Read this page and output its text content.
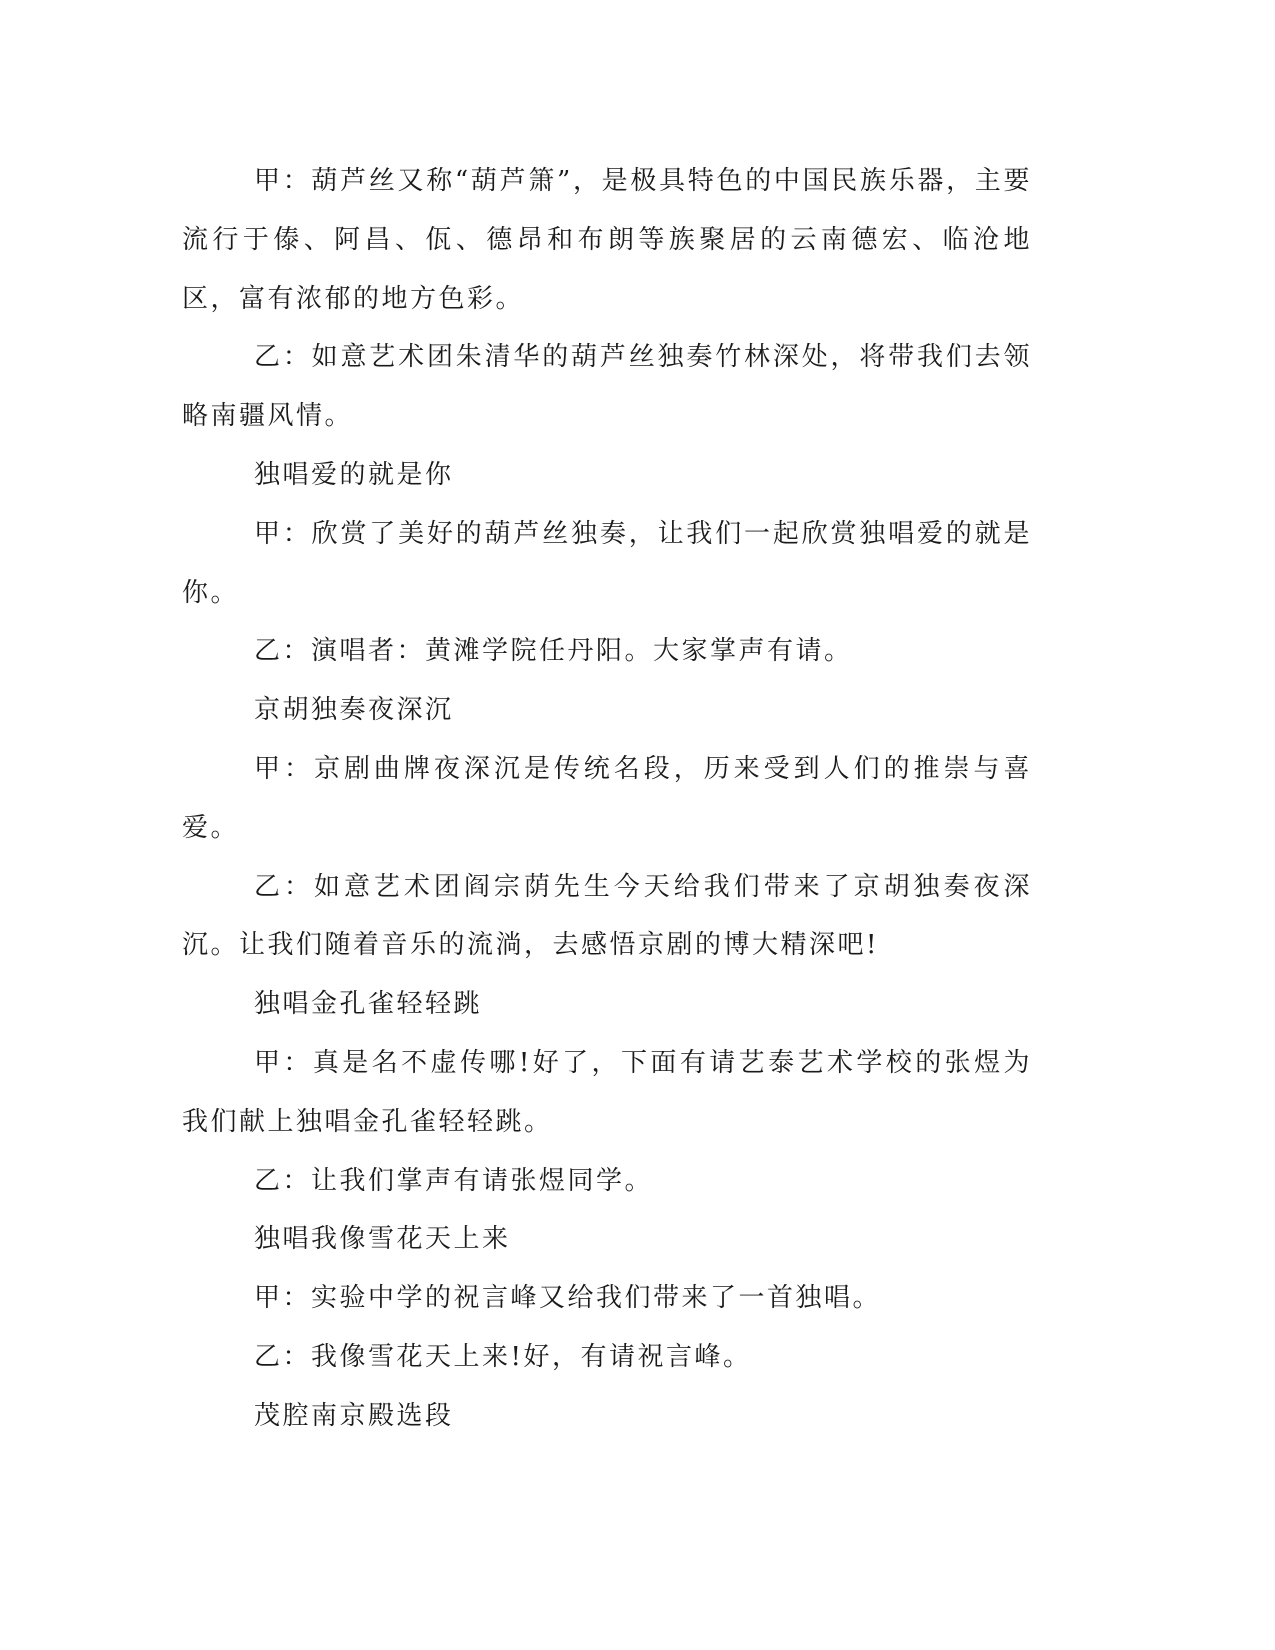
甲：葫芦丝又称“葫芦箫”，是极具特色的中国民族乐器，主要流行于傣、阿昌、佤、德昂和布朗等族聚居的云南德宏、临沧地区，富有浓郁的地方色彩。

乙：如意艺术团朱清华的葫芦丝独奏竹林深处，将带我们去领略南疆风情。

独唱爱的就是你

甲：欣赏了美好的葫芦丝独奏，让我们一起欣赏独唱爱的就是你。

乙：演唱者：黄滩学院任丹阳。大家掌声有请。

京胡独奏夜深沉

甲：京剧曲牌夜深沉是传统名段，历来受到人们的推崇与喜爱。

乙：如意艺术团阎宗荫先生今天给我们带来了京胡独奏夜深沉。让我们随着音乐的流淌，去感悟京剧的博大精深吧!

独唱金孔雀轻轻跳

甲：真是名不虚传哪!好了，下面有请艺泰艺术学校的张煜为我们献上独唱金孔雀轻轻跳。

乙：让我们掌声有请张煜同学。

独唱我像雪花天上来

甲：实验中学的祝言峰又给我们带来了一首独唱。

乙：我像雪花天上来!好，有请祝言峰。

茂腔南京殿选段
